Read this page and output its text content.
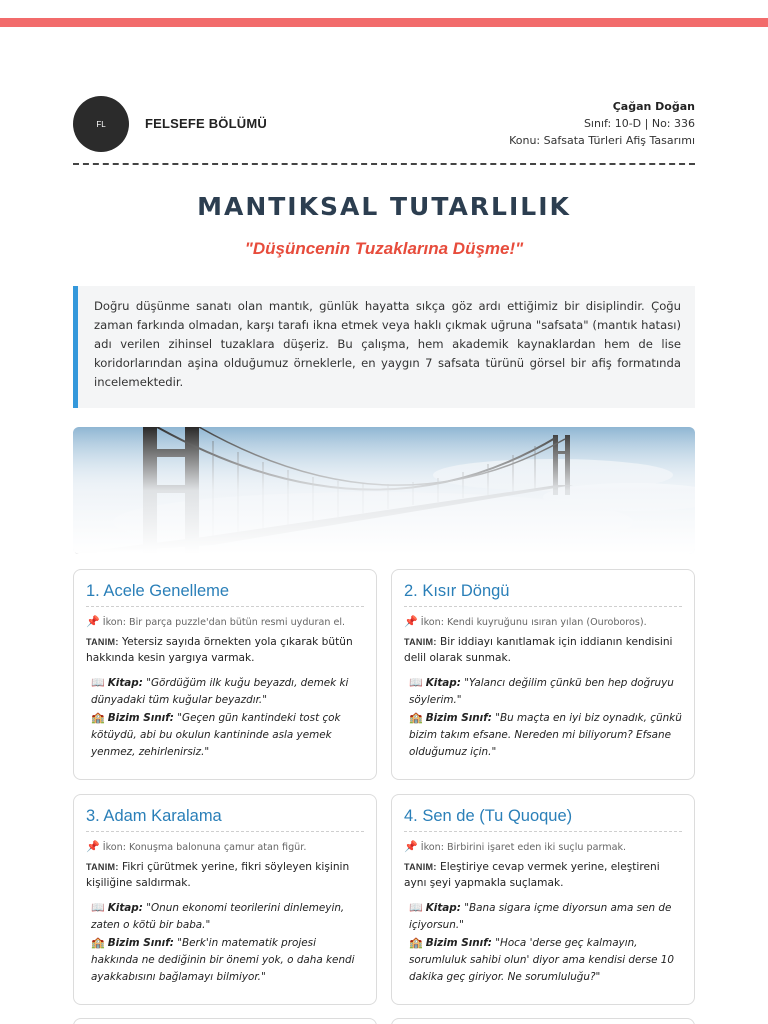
FL	FELSEFE BÖLÜMÜ
Çağan Doğan
Sınıf: 10-D | No: 336
Konu: Safsata Türleri Afiş Tasarımı
MANTIKSAL TUTARLILIK
"Düşüncenin Tuzaklarına Düşme!"
Doğru düşünme sanatı olan mantık, günlük hayatta sıkça göz ardı ettiğimiz bir disiplindir. Çoğu zaman farkında olmadan, karşı tarafı ikna etmek veya haklı çıkmak uğruna "safsata" (mantık hatası) adı verilen zihinsel tuzaklara düşeriz. Bu çalışma, hem akademik kaynaklardan hem de lise koridorlarından aşina olduğumuz örneklerle, en yaygın 7 safsata türünü görsel bir afiş formatında incelemektedir.
1. Acele Genelleme
📌 İkon: Bir parça puzzle'dan bütün resmi uyduran el.
TANIM: Yetersiz sayıda örnekten yola çıkarak bütün hakkında kesin yargıya varmak.
📖 Kitap: "Gördüğüm ilk kuğu beyazdı, demek ki dünyadaki tüm kuğular beyazdır."
🏫 Bizim Sınıf: "Geçen gün kantindeki tost çok kötüydü, abi bu okulun kantininde asla yemek yenmez, zehirlenirsiz."
2. Kısır Döngü
📌 İkon: Kendi kuyruğunu ısıran yılan (Ouroboros).
TANIM: Bir iddiayı kanıtlamak için iddianın kendisini delil olarak sunmak.
📖 Kitap: "Yalancı değilim çünkü ben hep doğruyu söylerim."
🏫 Bizim Sınıf: "Bu maçta en iyi biz oynadık, çünkü bizim takım efsane. Nereden mi biliyorum? Efsane olduğumuz için."
3. Adam Karalama
📌 İkon: Konuşma balonuna çamur atan figür.
TANIM: Fikri çürütmek yerine, fikri söyleyen kişinin kişiliğine saldırmak.
📖 Kitap: "Onun ekonomi teorilerini dinlemeyin, zaten o kötü bir baba."
🏫 Bizim Sınıf: "Berk'in matematik projesi hakkında ne dediğinin bir önemi yok, o daha kendi ayakkabısını bağlamayı bilmiyor."
4. Sen de (Tu Quoque)
📌 İkon: Birbirini işaret eden iki suçlu parmak.
TANIM: Eleştiriye cevap vermek yerine, eleştireni aynı şeyi yapmakla suçlamak.
📖 Kitap: "Bana sigara içme diyorsun ama sen de içiyorsun."
🏫 Bizim Sınıf: "Hoca 'derse geç kalmayın, sorumluluk sahibi olun' diyor ama kendisi derse 10 dakika geç giriyor. Ne sorumluluğu?"
